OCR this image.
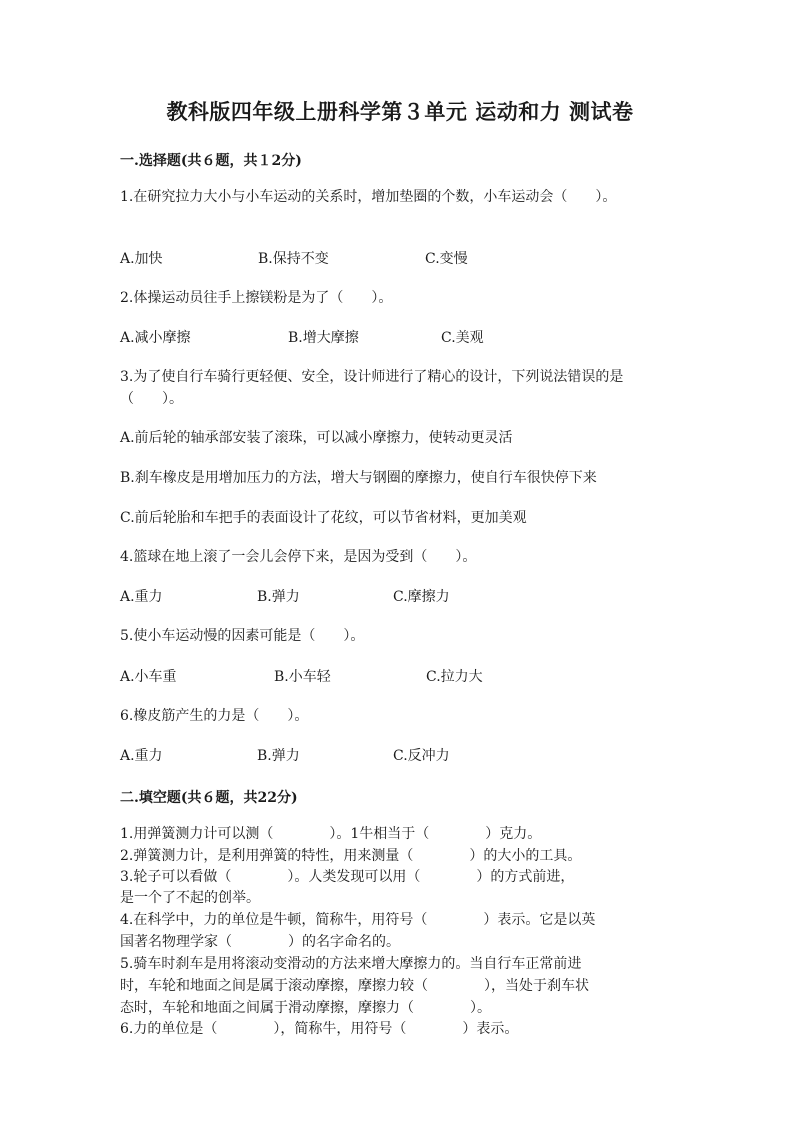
教科版四年级上册科学第３单元 运动和力 测试卷
一.选择题(共６题，共１2分)
1.在研究拉力大小与小车运动的关系时，增加垫圈的个数，小车运动会（　　）。
A.加快	B.保持不变	C.变慢
2.体操运动员往手上擦镁粉是为了（　　）。
A.减小摩擦	B.增大摩擦	C.美观
3.为了使自行车骑行更轻便、安全，设计师进行了精心的设计，下列说法错误的是（　　）。
A.前后轮的轴承部安装了滚珠，可以减小摩擦力，使转动更灵活
B.刹车橡皮是用增加压力的方法，增大与钢圈的摩擦力，使自行车很快停下来
C.前后轮胎和车把手的表面设计了花纹，可以节省材料，更加美观
4.篮球在地上滚了一会儿会停下来，是因为受到（　　）。
A.重力	B.弹力	C.摩擦力
5.使小车运动慢的因素可能是（　　）。
A.小车重	B.小车轻	C.拉力大
6.橡皮筋产生的力是（　　）。
A.重力	B.弹力	C.反冲力
二.填空题(共６题，共22分)
1.用弹簧测力计可以测（　　　　）。1牛相当于（　　　　）克力。
2.弹簧测力计，是利用弹簧的特性，用来测量（　　　　）的大小的工具。
3.轮子可以看做（　　　　）。人类发现可以用（　　　　）的方式前进，
是一个了不起的创举。
4.在科学中，力的单位是牛顿，简称牛，用符号（　　　　）表示。它是以英
国著名物理学家（　　　　）的名字命名的。
5.骑车时刹车是用将滚动变滑动的方法来增大摩擦力的。当自行车正常前进
时，车轮和地面之间是属于滚动摩擦，摩擦力较（　　　　），当处于刹车状
态时，车轮和地面之间属于滑动摩擦，摩擦力（　　　　）。
6.力的单位是（　　　　），简称牛，用符号（　　　　）表示。
